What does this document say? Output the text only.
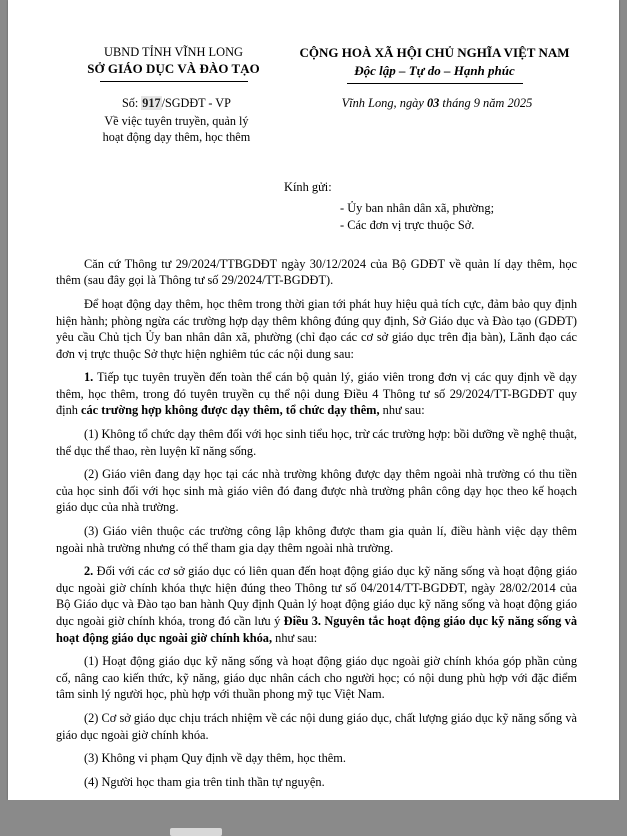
UBND TỈNH VĨNH LONG
SỞ GIÁO DỤC VÀ ĐÀO TẠO
CỘNG HOÀ XÃ HỘI CHỦ NGHĨA VIỆT NAM
Độc lập – Tự do – Hạnh phúc
Số: 917/SGDĐT - VP
Về việc tuyên truyền, quản lý
hoạt động dạy thêm, học thêm
Vĩnh Long, ngày 03 tháng 9 năm 2025
Kính gửi:
- Ủy ban nhân dân xã, phường;
- Các đơn vị trực thuộc Sở.

Căn cứ Thông tư 29/2024/TTBGDĐT ngày 30/12/2024 của Bộ GDĐT về quản lí dạy thêm, học thêm (sau đây gọi là Thông tư số 29/2024/TT-BGDĐT).

Để hoạt động dạy thêm, học thêm trong thời gian tới phát huy hiệu quả tích cực, đảm bảo quy định hiện hành; phòng ngừa các trường hợp dạy thêm không đúng quy định, Sở Giáo dục và Đào tạo (GDĐT) yêu cầu Chủ tịch Ủy ban nhân dân xã, phường (chỉ đạo các cơ sở giáo dục trên địa bàn), Lãnh đạo các đơn vị trực thuộc Sở thực hiện nghiêm túc các nội dung sau:

1. Tiếp tục tuyên truyền đến toàn thể cán bộ quản lý, giáo viên trong đơn vị các quy định về dạy thêm, học thêm, trong đó tuyên truyền cụ thể nội dung Điều 4 Thông tư số 29/2024/TT-BGDĐT quy định các trường hợp không được dạy thêm, tổ chức dạy thêm, như sau:

(1) Không tổ chức dạy thêm đối với học sinh tiểu học, trừ các trường hợp: bồi dưỡng về nghệ thuật, thể dục thể thao, rèn luyện kĩ năng sống.

(2) Giáo viên đang dạy học tại các nhà trường không được dạy thêm ngoài nhà trường có thu tiền của học sinh đối với học sinh mà giáo viên đó đang được nhà trường phân công dạy học theo kế hoạch giáo dục của nhà trường.

(3) Giáo viên thuộc các trường công lập không được tham gia quản lí, điều hành việc dạy thêm ngoài nhà trường nhưng có thể tham gia dạy thêm ngoài nhà trường.

2. Đối với các cơ sở giáo dục có liên quan đến hoạt động giáo dục kỹ năng sống và hoạt động giáo dục ngoài giờ chính khóa thực hiện đúng theo Thông tư số 04/2014/TT-BGDĐT, ngày 28/02/2014 của Bộ Giáo dục và Đào tạo ban hành Quy định Quản lý hoạt động giáo dục kỹ năng sống và hoạt động giáo dục ngoài giờ chính khóa, trong đó cần lưu ý Điều 3. Nguyên tắc hoạt động giáo dục kỹ năng sống và hoạt động giáo dục ngoài giờ chính khóa, như sau:

(1) Hoạt động giáo dục kỹ năng sống và hoạt động giáo dục ngoài giờ chính khóa góp phần củng cố, nâng cao kiến thức, kỹ năng, giáo dục nhân cách cho người học; có nội dung phù hợp với đặc điểm tâm sinh lý người học, phù hợp với thuần phong mỹ tục Việt Nam.

(2) Cơ sở giáo dục chịu trách nhiệm về các nội dung giáo dục, chất lượng giáo dục kỹ năng sống và giáo dục ngoài giờ chính khóa.

(3) Không vi phạm Quy định về dạy thêm, học thêm.

(4) Người học tham gia trên tinh thần tự nguyện.
